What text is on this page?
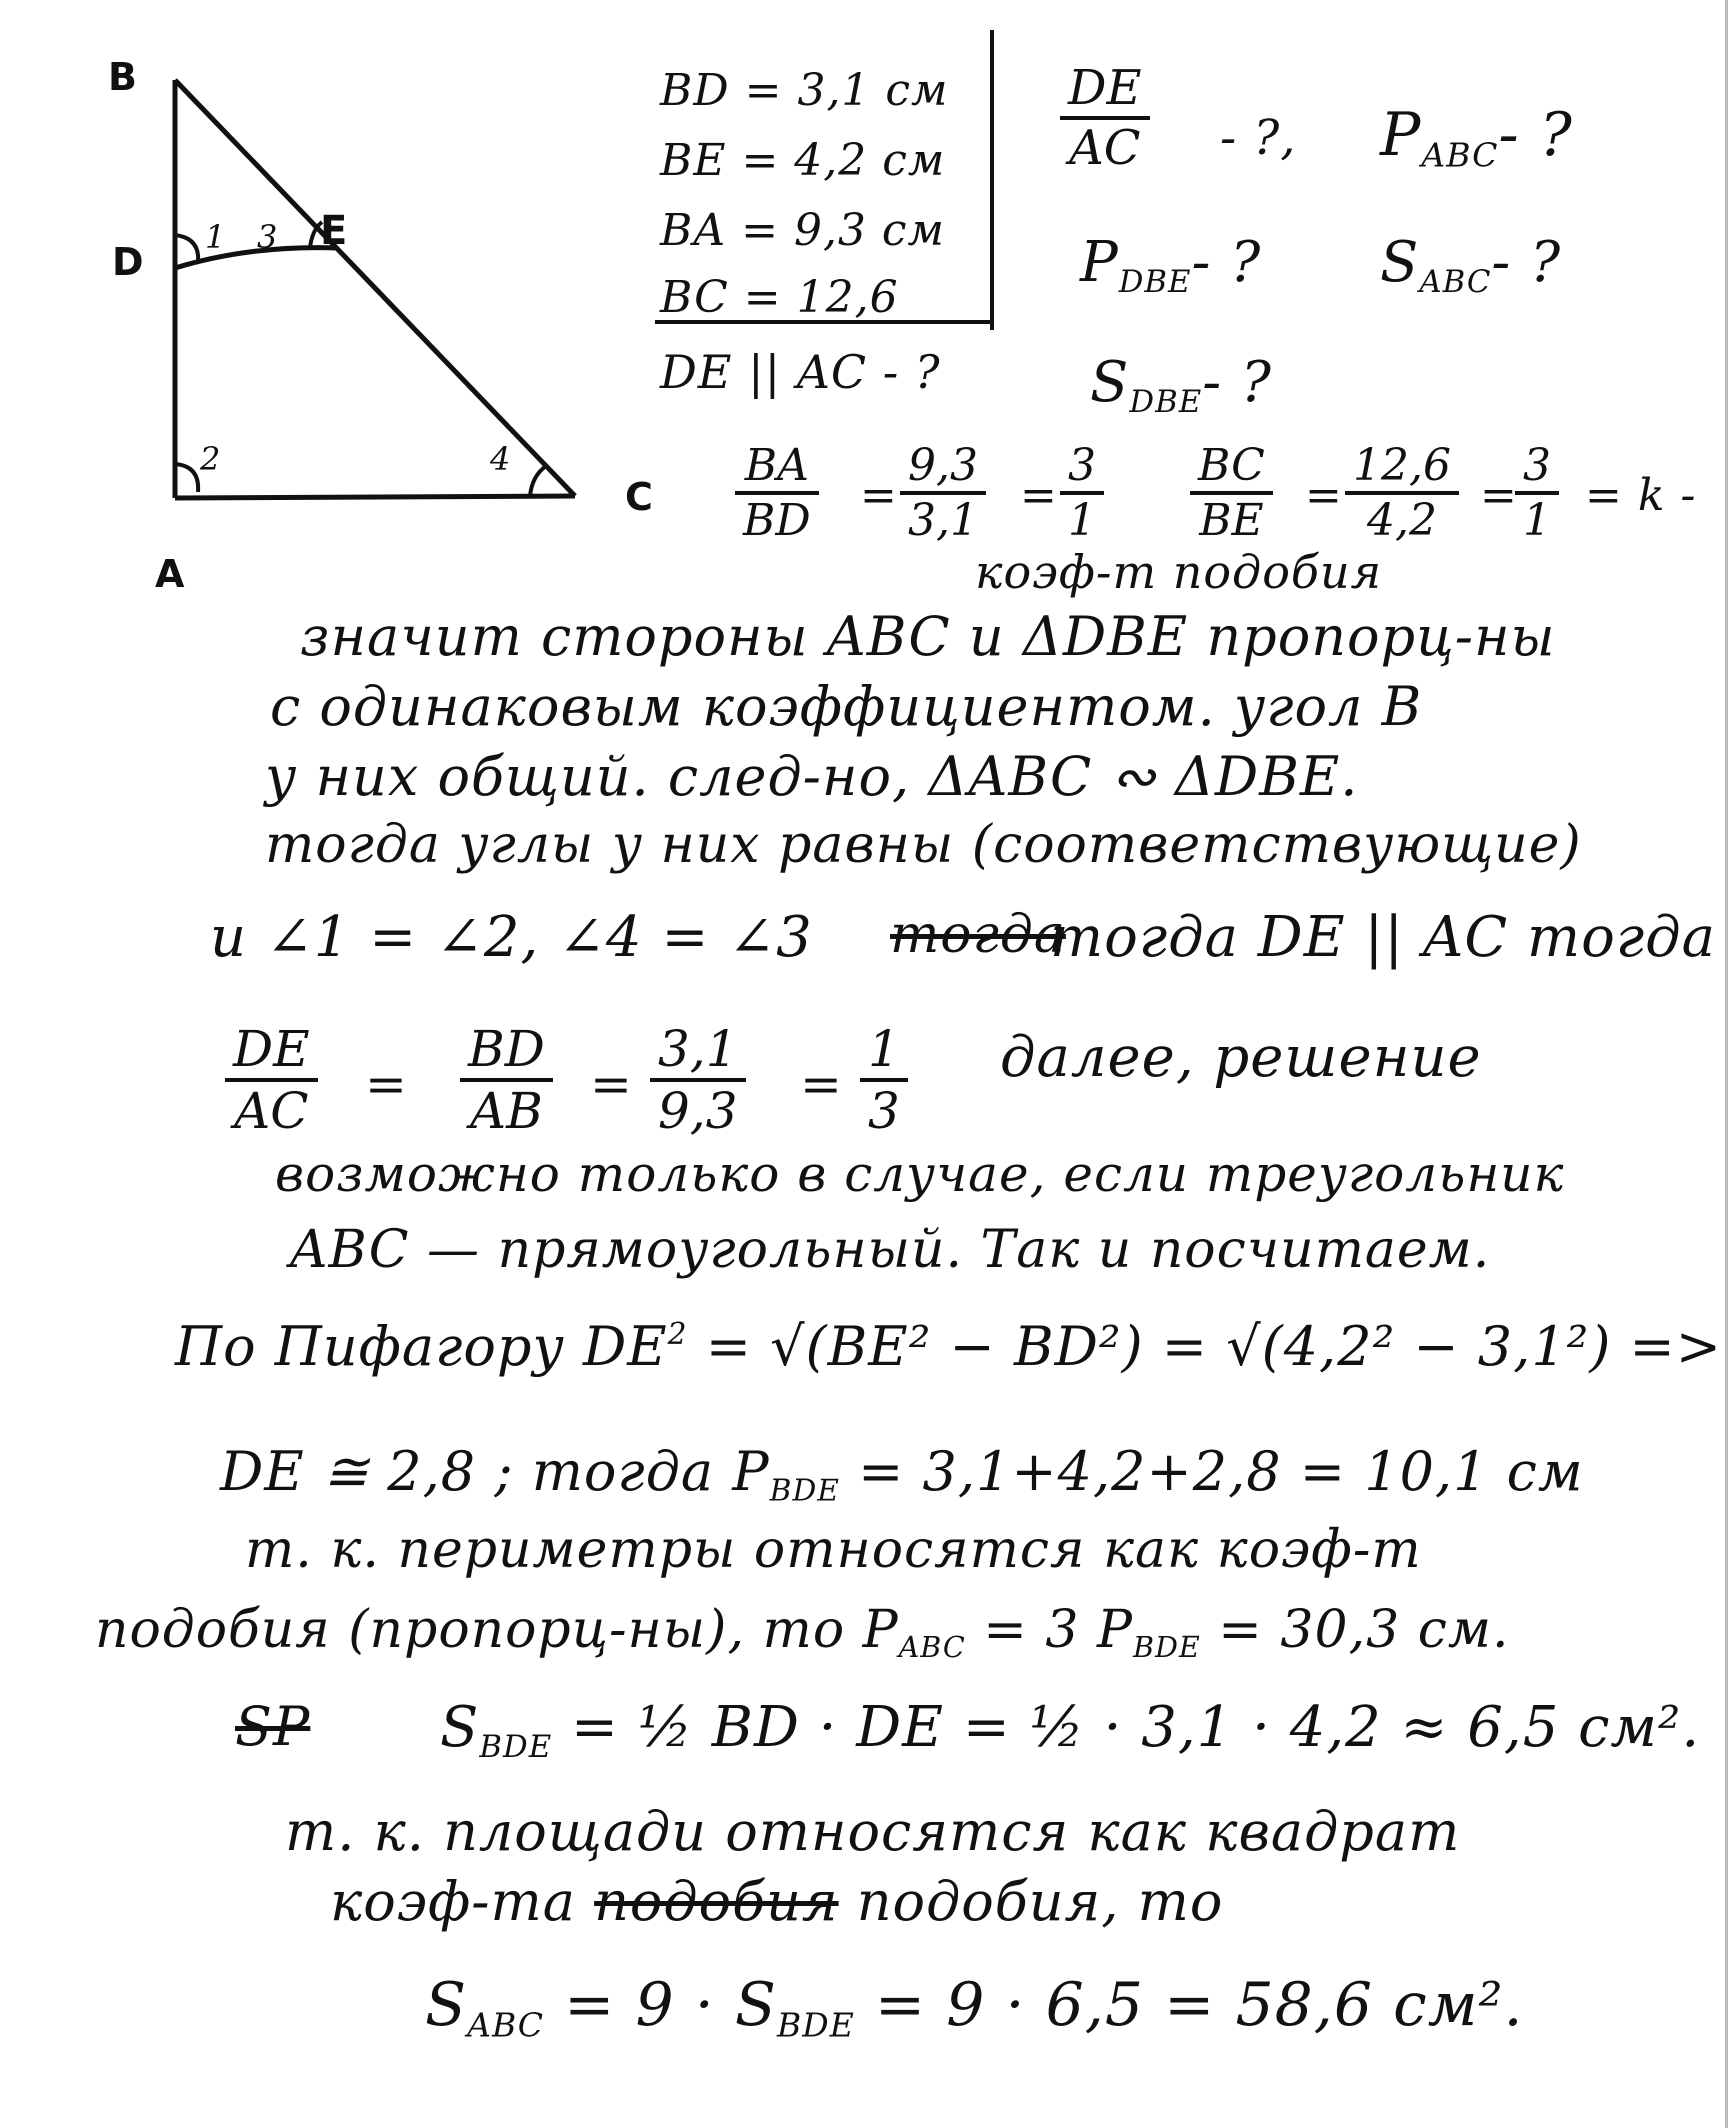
B
D
E
A
C
1 3
2	4
BD = 3,1 см
BE = 4,2 см
BA = 9,3 см
BC = 12,6
DE || AC - ?
$\frac{DE}{AC}$ - ?, $P_{ABC}-$ ?
$P_{DBE}-$ ? $S_{ABC}-$ ?
$S_{DBE}-$ ?
$\frac{BA}{BD} = \frac{9,3}{3,1} = \frac{3}{1} \frac{BC}{BE} = \frac{12,6}{4,2}$ =
$\frac{3}{1} = k$ -
коэф-т подобия
значит стороны ABC и ΔDBE пропорц-ны
с одинаковым коэффициентом. угол B
у них общий. след-но, ΔABC ∾ ΔDBE.
тогда углы у них равны (соответствующие)
и ∠1 = ∠2, ∠4 = ∠3 тогда
тогда DE || AC тогда
$\frac{DE}{AC} = \frac{BD}{AB} = \frac{3,1}{9,3} = \frac{1}{3}$ далее, решение
возможно только в случае, если треугольник
ABC — прямоугольный. Так и посчитаем.
По Пифагору $DE^2 = √(BE^2 - BD^2) = √(4,2^2 - 3,1^2)$ =>
DE ≅ 2,8 ; тогда $P_{BDE} = 3,1+4,2+2,8 = 10,1$ см
т. к. периметры относятся как коэф-т
подобия (пропорц-ны), то $P_{ABC} = 3$ $P_{BDE} = 30,3$ см.
SP $S_{BDE}$ = ½ BD · DE = ½ · 3,1 · 4,2 ≈ 6,5 см².
т. к. площади относятся как квадрат
коэф-та подобия подобия, то
$S_{ABC} = 9 \cdot S_{BDE} = 9 \cdot 6,5 = 58,6$ см².
